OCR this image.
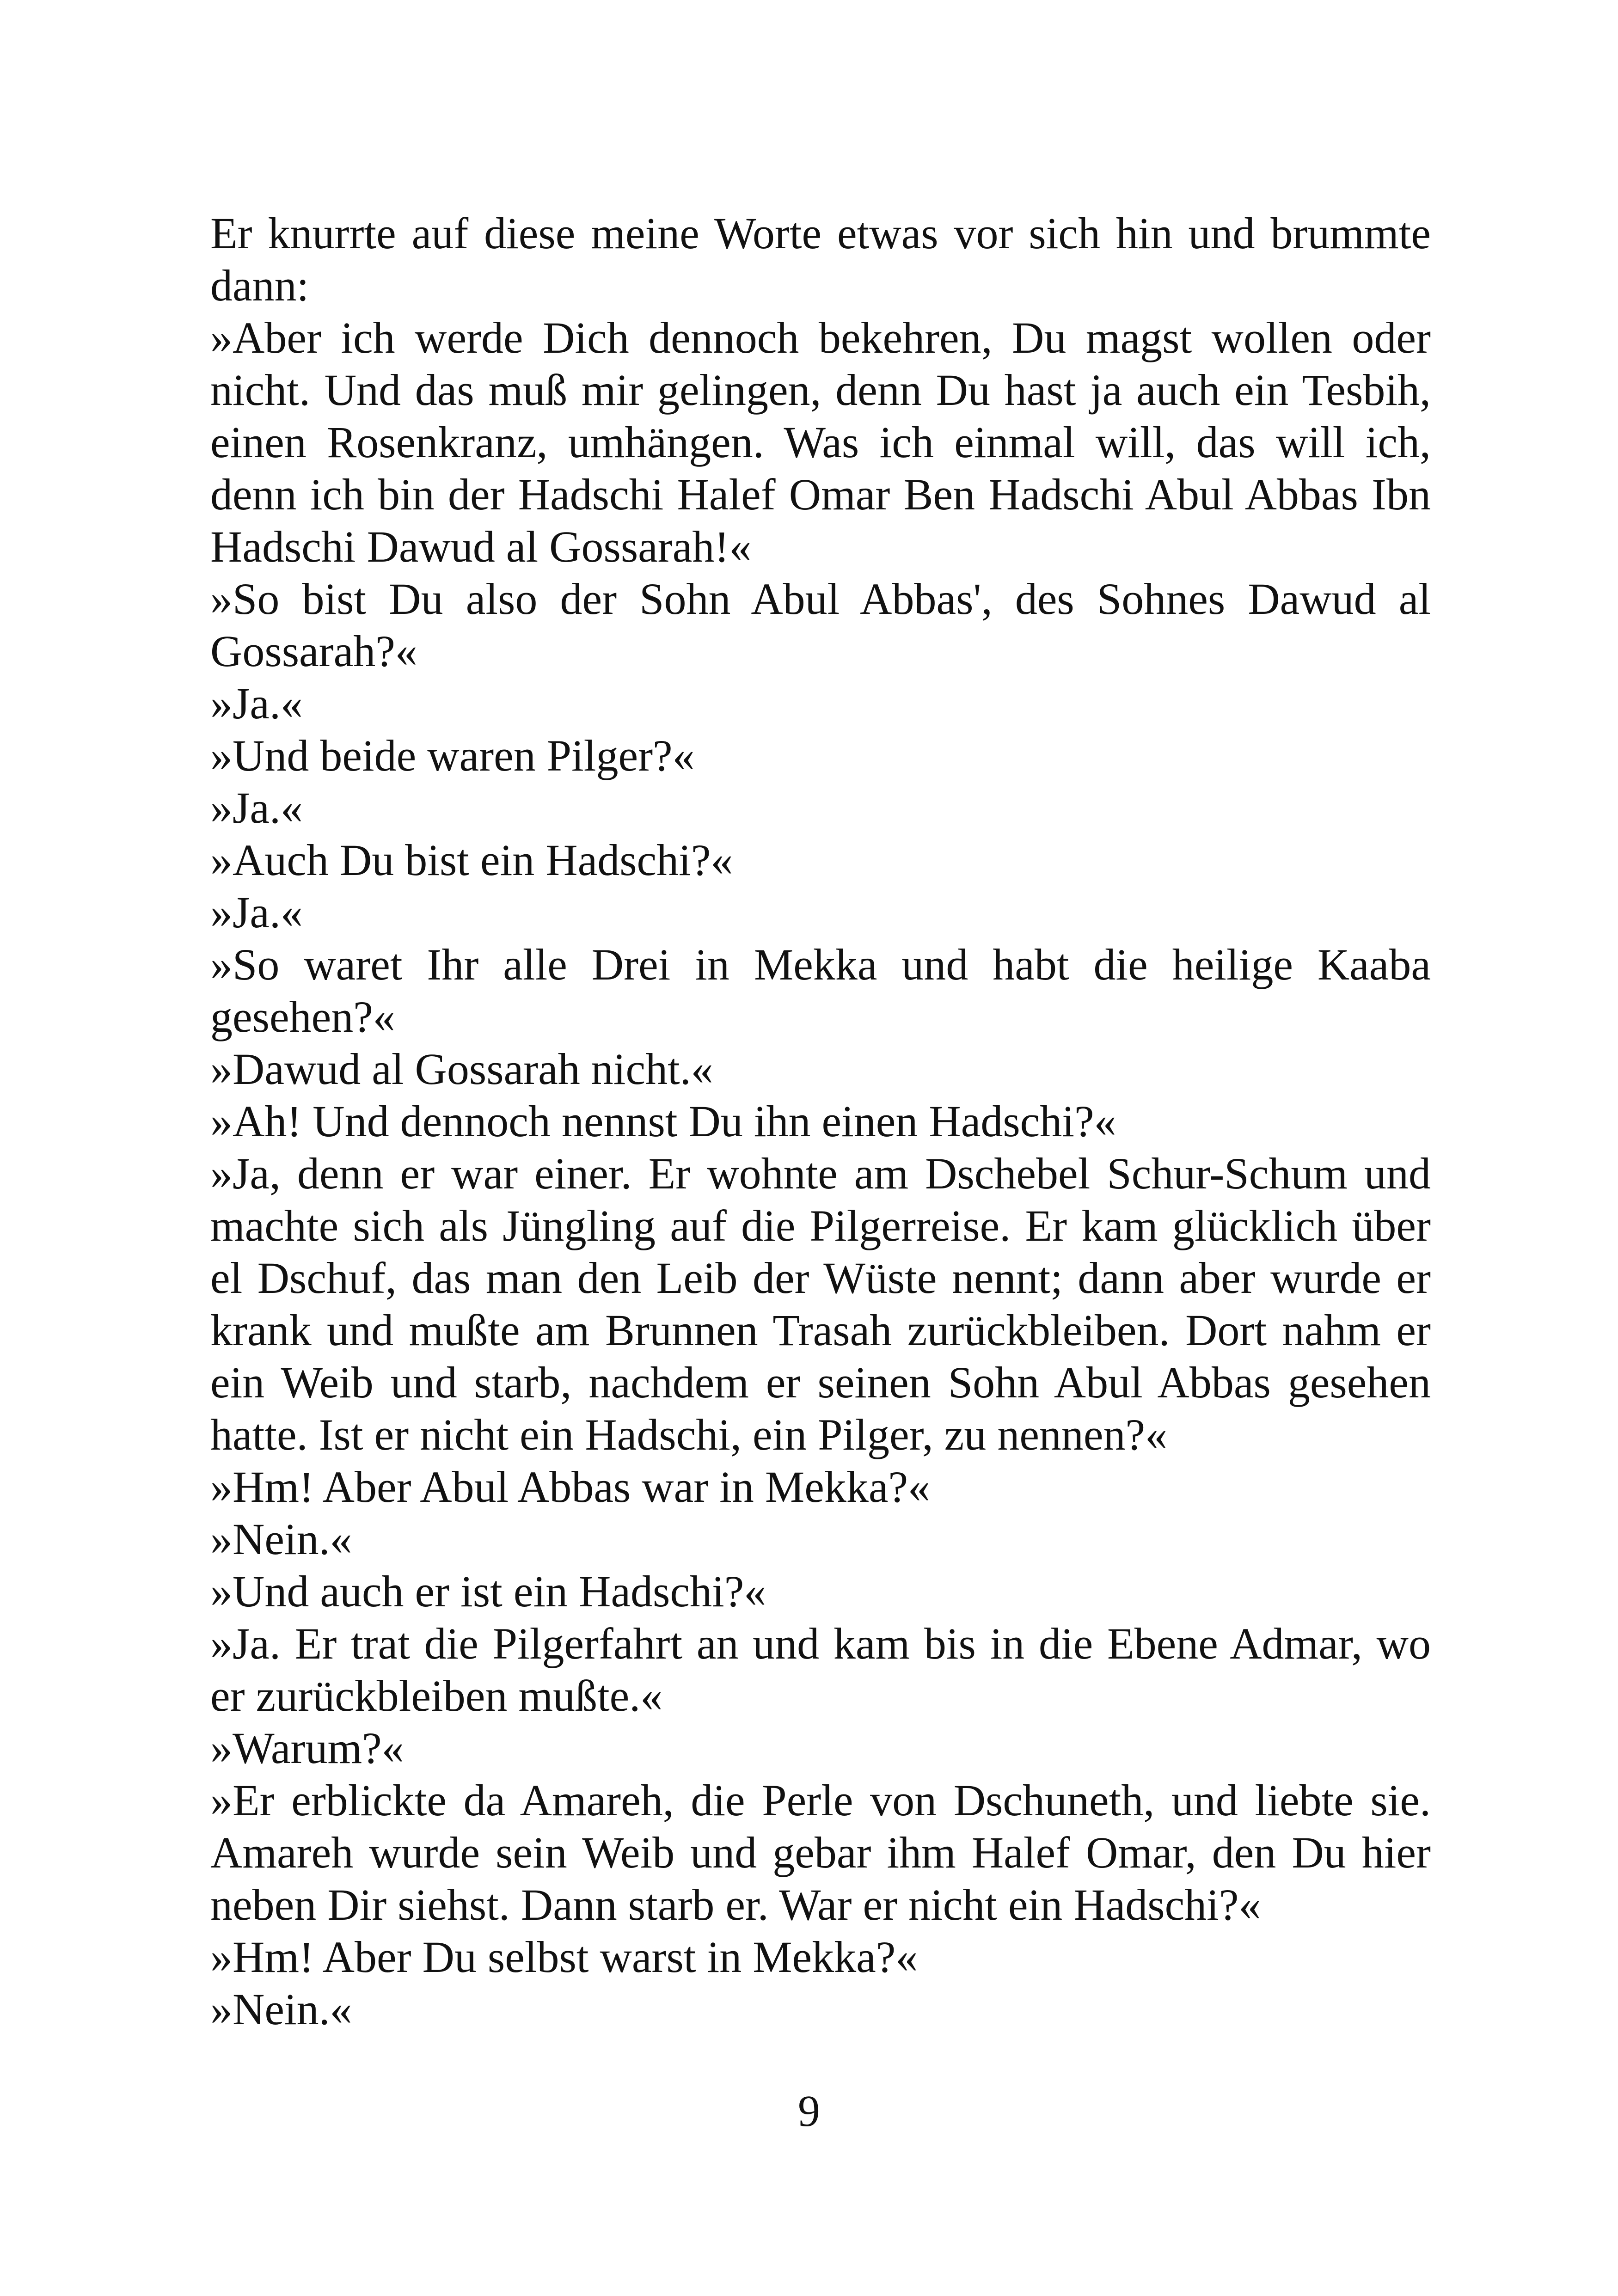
Er knurrte auf diese meine Worte etwas vor sich hin und brummte dann:

»Aber ich werde Dich dennoch bekehren, Du magst wollen oder nicht. Und das muß mir gelingen, denn Du hast ja auch ein Tesbih, einen Rosenkranz, umhängen. Was ich einmal will, das will ich, denn ich bin der Hadschi Halef Omar Ben Hadschi Abul Abbas Ibn Hadschi Dawud al Gossarah!«

»So bist Du also der Sohn Abul Abbas', des Sohnes Dawud al Gossarah?«

»Ja.«

»Und beide waren Pilger?«

»Ja.«

»Auch Du bist ein Hadschi?«

»Ja.«

»So waret Ihr alle Drei in Mekka und habt die heilige Kaaba gesehen?«

»Dawud al Gossarah nicht.«

»Ah! Und dennoch nennst Du ihn einen Hadschi?«

»Ja, denn er war einer. Er wohnte am Dschebel Schur-Schum und machte sich als Jüngling auf die Pilgerreise. Er kam glücklich über el Dschuf, das man den Leib der Wüste nennt; dann aber wurde er krank und mußte am Brunnen Trasah zurückbleiben. Dort nahm er ein Weib und starb, nachdem er seinen Sohn Abul Abbas gesehen hatte. Ist er nicht ein Hadschi, ein Pilger, zu nennen?«

»Hm! Aber Abul Abbas war in Mekka?«

»Nein.«

»Und auch er ist ein Hadschi?«

»Ja. Er trat die Pilgerfahrt an und kam bis in die Ebene Admar, wo er zurückbleiben mußte.«

»Warum?«

»Er erblickte da Amareh, die Perle von Dschuneth, und liebte sie. Amareh wurde sein Weib und gebar ihm Halef Omar, den Du hier neben Dir siehst. Dann starb er. War er nicht ein Hadschi?«

»Hm! Aber Du selbst warst in Mekka?«

»Nein.«

9
